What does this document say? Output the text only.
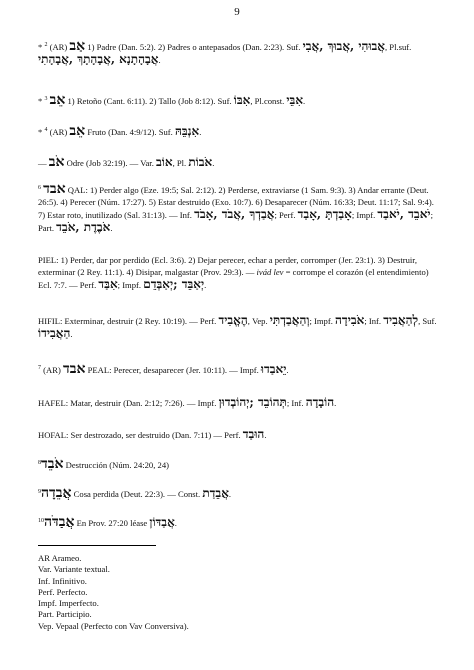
9
* $^2$ (AR) אַב 1) Padre (Dan. 5:2). 2) Padres o antepasados (Dan. 2:23). Suf. אֲבוּהִי ,אֲבוּךְ ,אֲבִי, Pl.suf. אֲבָהָתָנָא ,אֲבָהָתָךְ ,אֲבָהָתִי.
* $^3$ אֵב 1) Retoño (Cant. 6:11). 2) Tallo (Job 8:12). Suf. אִבּוֹ, Pl.const. אִבֵּי.
* $^4$ (AR) אֵב Fruto (Dan. 4:9/12). Suf. אִנְבֵּהּ.
— אֹב Odre (Job 32:19). — Var. אוֹב, Pl. אֹבוֹת.
$^6$ אבד QAL: 1) Perder algo (Eze. 19:5; Sal. 2:12). 2) Perderse, extraviarse (1 Sam. 9:3). 3) Andar errante (Deut. 26:5). 4) Perecer (Núm. 17:27). 5) Estar destruido (Exo. 10:7). 6) Desaparecer (Núm. 16:33; Deut. 11:17; Sal. 9:4). 7) Estar roto, inutilizado (Sal. 31:13). — Inf. אֲבַדְךָ ,אֲבֹד ,אָבֹד; Perf. אָבַדְתָּ ,אָבַד; Impf. יֹאבֵד ,יֹאבַד; Part. אֹבֶדֶת ,אֹבֵד.
PIEL: 1) Perder, dar por perdido (Ecl. 3:6). 2) Dejar perecer, echar a perder, corromper (Jer. 23:1). 3) Destruir, exterminar (2 Rey. 11:1). 4) Disipar, malgastar (Prov. 29:3). — ivád lev = corrompe el corazón (el entendimiento) Ecl. 7:7. — Perf. אִבַּד; Impf. יְאַבֵּד ;יְאַבְּדֵם.
HIFIL: Exterminar, destruir (2 Rey. 10:19). — Perf. הֶאֱבִיד, Vep. וְהַאֲבַדְתִּי; Impf. אֹבִידָה; Inf. לְהַאֲבִיד, Suf. הַאֲבִידוֹ.
$^7$ (AR) אבד PEAL: Perecer, desaparecer (Jer. 10:11). — Impf. יֵאבַדוּ.
HAFEL: Matar, destruir (Dan. 2:12; 7:26). — Impf. תְּהוֹבֵד ;יְהוֹבְדוּן; Inf. הוֹבָדָה.
HOFAL: Ser destrozado, ser destruido (Dan. 7:11) — Perf. הוּבַד.
$^8$אֹבֵד Destrucción (Núm. 24:20, 24)
$^9$אֲבֵדָה Cosa perdida (Deut. 22:3). — Const. אֲבֵדַת.
$^{10}$אֲבַדֹּה En Prov. 27:20 léase אֲבַדּוֹן.
AR Arameo.
Var. Variante textual.
Inf. Infinitivo.
Perf. Perfecto.
Impf. Imperfecto.
Part. Participio.
Vep. Vepaal (Perfecto con Vav Conversiva).
